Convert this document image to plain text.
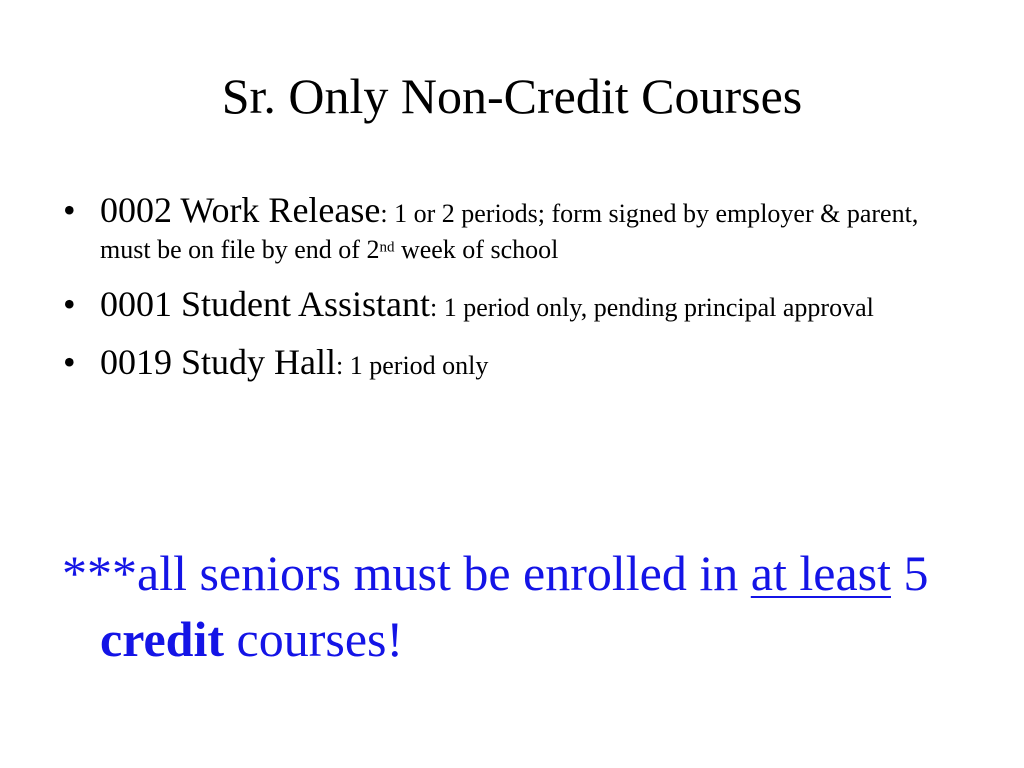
Sr. Only Non-Credit Courses
• 0002 Work Release: 1 or 2 periods; form signed by employer & parent, must be on file by end of 2nd week of school
• 0001 Student Assistant: 1 period only, pending principal approval
• 0019 Study Hall: 1 period only
***all seniors must be enrolled in at least 5 credit courses!
